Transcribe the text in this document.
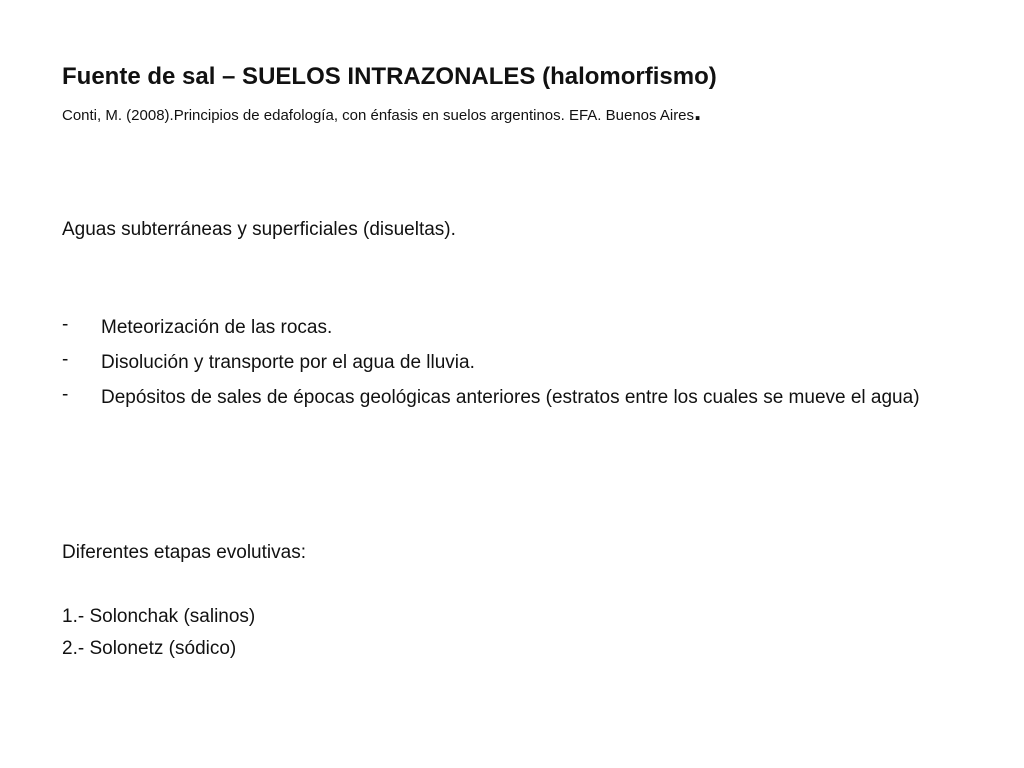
Fuente de sal – SUELOS INTRAZONALES (halomorfismo)
Conti, M. (2008).Principios de edafología, con énfasis en suelos argentinos. EFA. Buenos Aires.
Aguas subterráneas y superficiales (disueltas).
- Meteorización de las rocas.
- Disolución y transporte por el agua de lluvia.
- Depósitos de sales de épocas geológicas anteriores (estratos entre los cuales se mueve el agua)
Diferentes etapas evolutivas:
1.- Solonchak (salinos)
2.- Solonetz (sódico)
